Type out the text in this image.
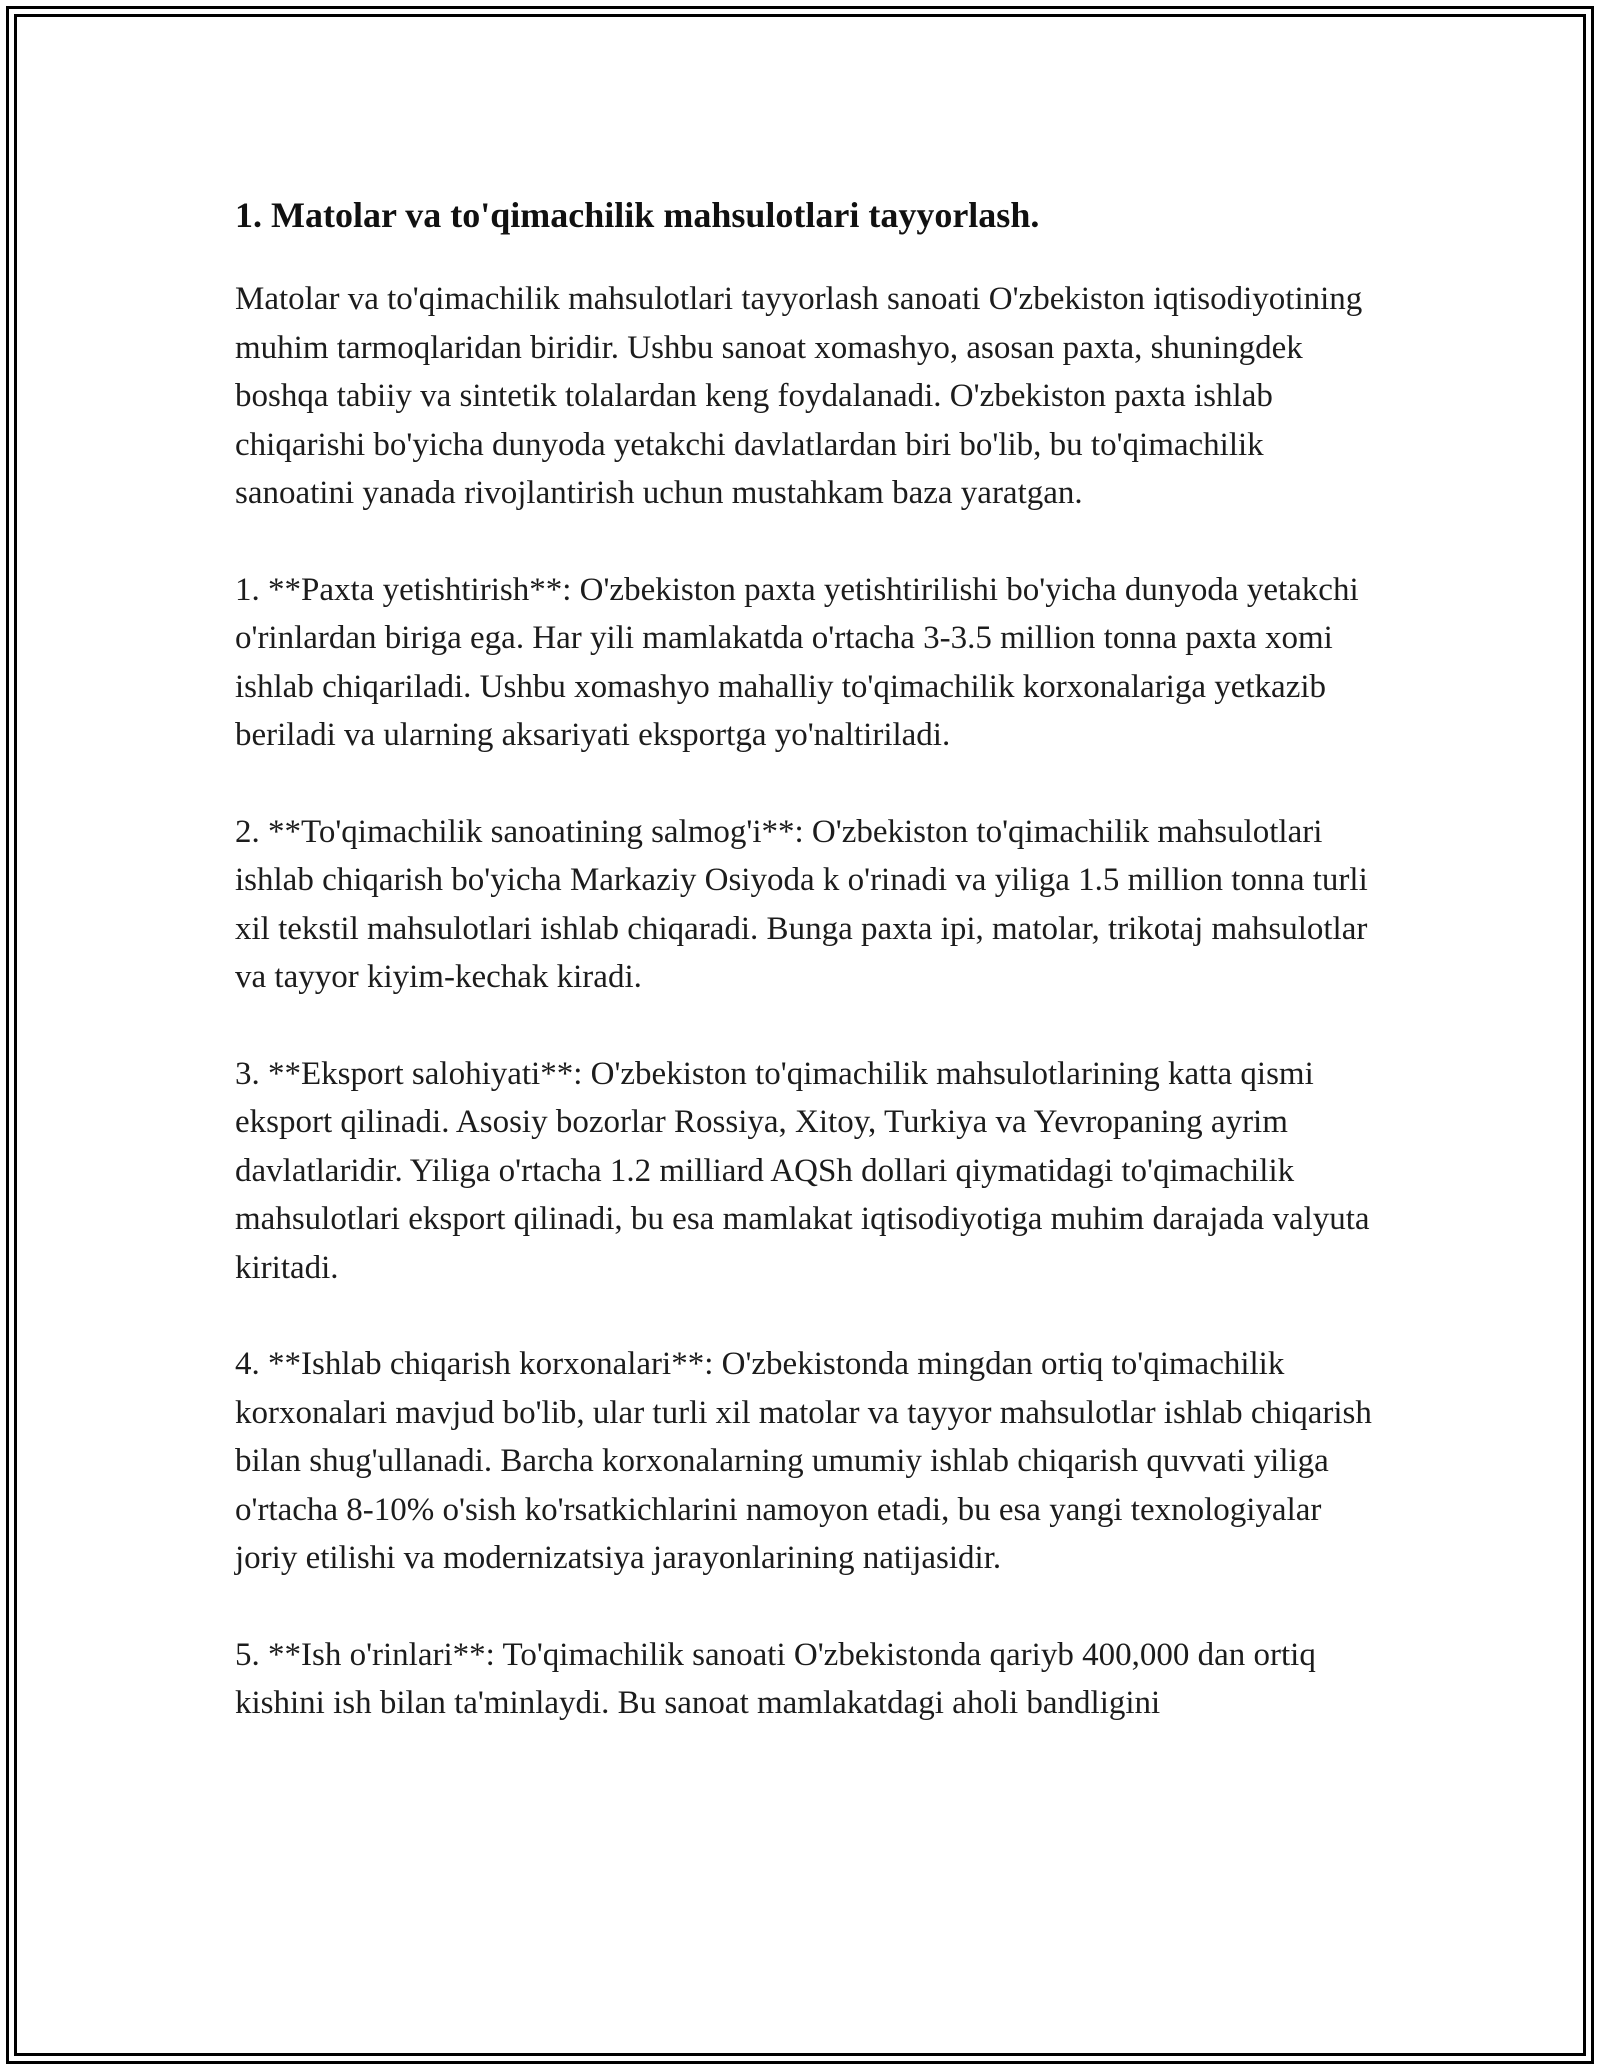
1. Matolar va to'qimachilik mahsulotlari tayyorlash.

Matolar va to'qimachilik mahsulotlari tayyorlash sanoati O'zbekiston iqtisodiyotining muhim tarmoqlaridan biridir. Ushbu sanoat xomashyo, asosan paxta, shuningdek boshqa tabiiy va sintetik tolalardan keng foydalanadi. O'zbekiston paxta ishlab chiqarishi bo'yicha dunyoda yetakchi davlatlardan biri bo'lib, bu to'qimachilik sanoatini yanada rivojlantirish uchun mustahkam baza yaratgan.

1. **Paxta yetishtirish**: O'zbekiston paxta yetishtirilishi bo'yicha dunyoda yetakchi o'rinlardan biriga ega. Har yili mamlakatda o'rtacha 3-3.5 million tonna paxta xomi ishlab chiqariladi. Ushbu xomashyo mahalliy to'qimachilik korxonalariga yetkazib beriladi va ularning aksariyati eksportga yo'naltiriladi.

2. **To'qimachilik sanoatining salmog'i**: O'zbekiston to'qimachilik mahsulotlari ishlab chiqarish bo'yicha Markaziy Osiyoda k o'rinadi va yiliga 1.5 million tonna turli xil tekstil mahsulotlari ishlab chiqaradi. Bunga paxta ipi, matolar, trikotaj mahsulotlar va tayyor kiyim-kechak kiradi.

3. **Eksport salohiyati**: O'zbekiston to'qimachilik mahsulotlarining katta qismi eksport qilinadi. Asosiy bozorlar Rossiya, Xitoy, Turkiya va Yevropaning ayrim davlatlaridir. Yiliga o'rtacha 1.2 milliard AQSh dollari qiymatidagi to'qimachilik mahsulotlari eksport qilinadi, bu esa mamlakat iqtisodiyotiga muhim darajada valyuta kiritadi.

4. **Ishlab chiqarish korxonalari**: O'zbekistonda mingdan ortiq to'qimachilik korxonalari mavjud bo'lib, ular turli xil matolar va tayyor mahsulotlar ishlab chiqarish bilan shug'ullanadi. Barcha korxonalarning umumiy ishlab chiqarish quvvati yiliga o'rtacha 8-10% o'sish ko'rsatkichlarini namoyon etadi, bu esa yangi texnologiyalar joriy etilishi va modernizatsiya jarayonlarining natijasidir.

5. **Ish o'rinlari**: To'qimachilik sanoati O'zbekistonda qariyb 400,000 dan ortiq kishini ish bilan ta'minlaydi. Bu sanoat mamlakatdagi aholi bandligini
